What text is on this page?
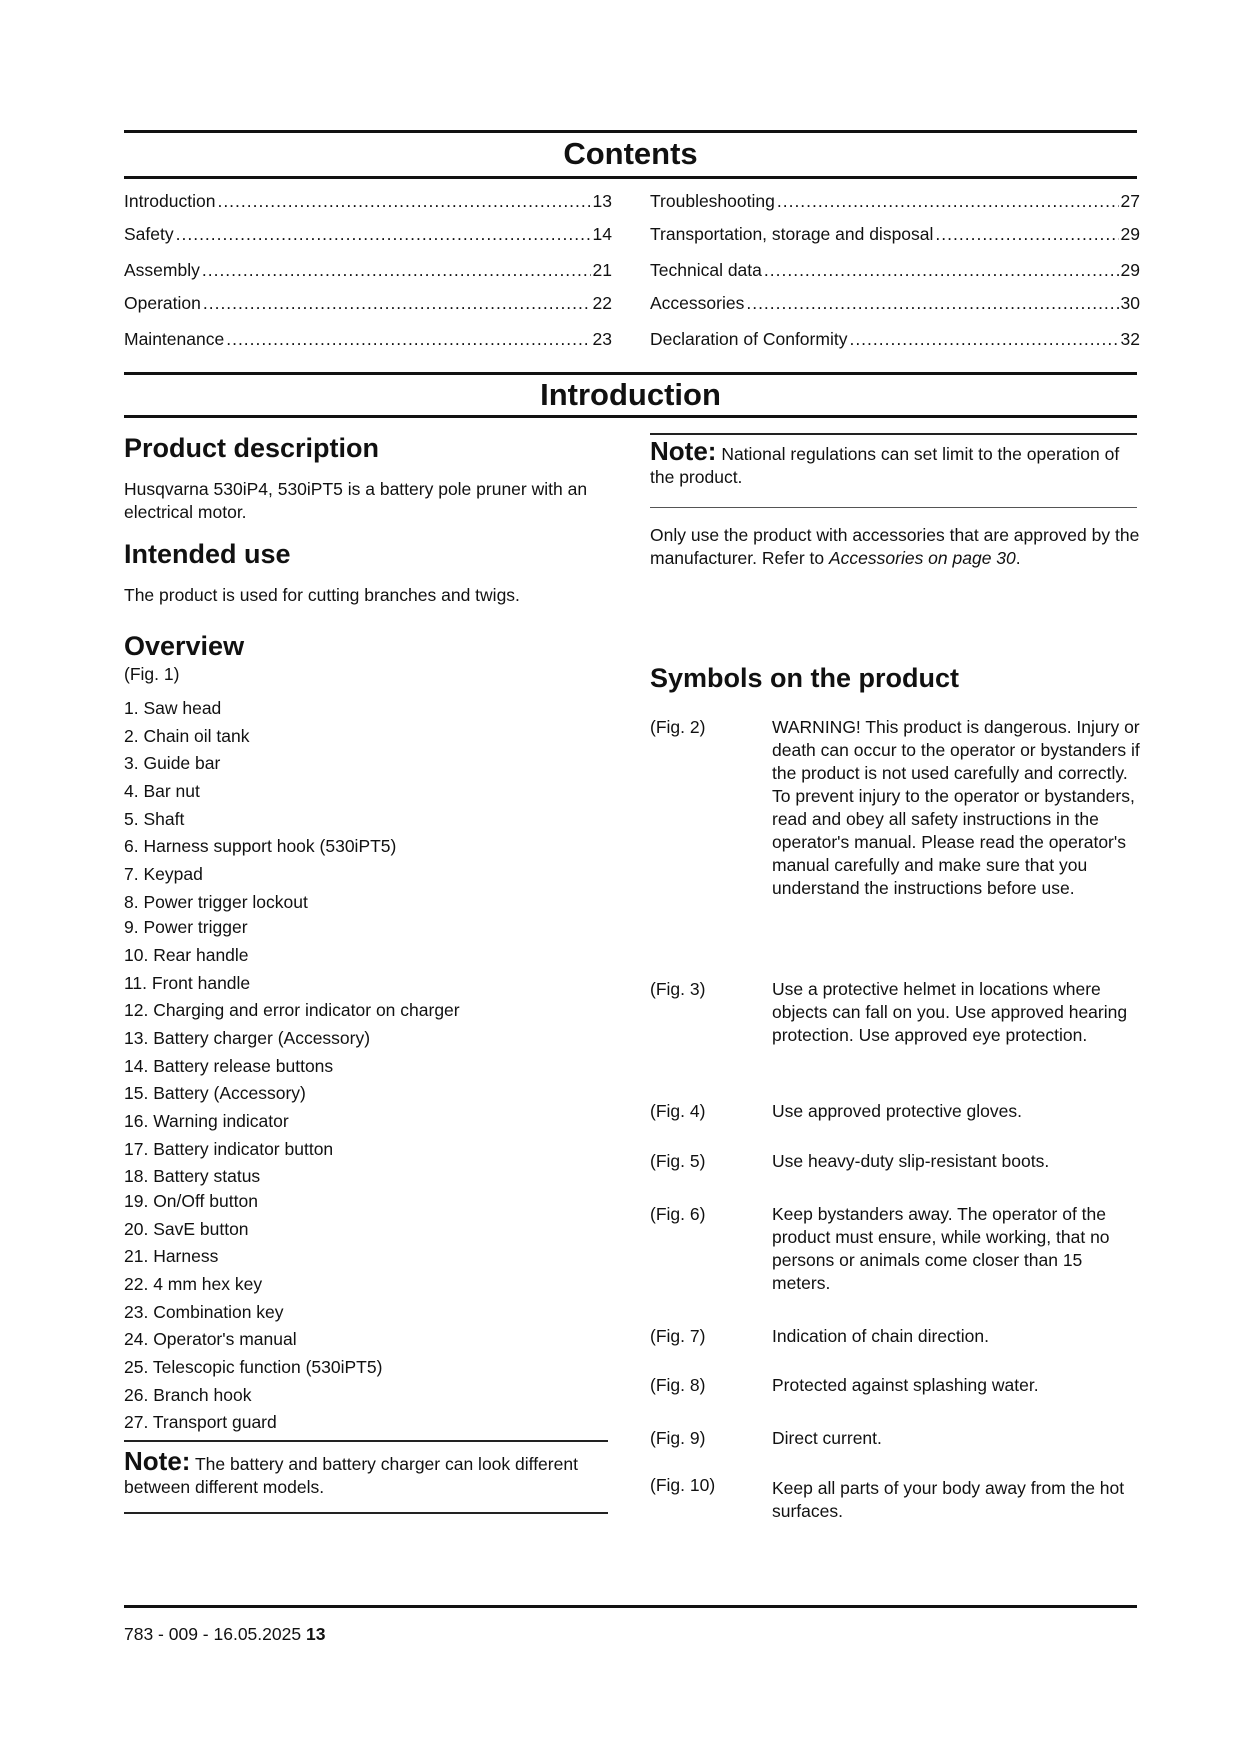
Contents
Introduction .....	13
Safety .....	14
Assembly .....	21
Operation .....	22
Maintenance .....	23
Troubleshooting .....	27
Transportation, storage and disposal .....	29
Technical data .....	29
Accessories .....	30
Declaration of Conformity .....	32
Introduction
Product description
Husqvarna 530iP4, 530iPT5 is a battery pole pruner with an electrical motor.
Intended use
The product is used for cutting branches and twigs.
Overview
(Fig. 1)
1. Saw head
2. Chain oil tank
3. Guide bar
4. Bar nut
5. Shaft
6. Harness support hook (530iPT5)
7. Keypad
8. Power trigger lockout
9. Power trigger
10. Rear handle
11. Front handle
12. Charging and error indicator on charger
13. Battery charger (Accessory)
14. Battery release buttons
15. Battery (Accessory)
16. Warning indicator
17. Battery indicator button
18. Battery status
19. On/Off button
20. SavE button
21. Harness
22. 4 mm hex key
23. Combination key
24. Operator's manual
25. Telescopic function (530iPT5)
26. Branch hook
27. Transport guard
Note: The battery and battery charger can look different between different models.
Note: National regulations can set limit to the operation of the product.
Only use the product with accessories that are approved by the manufacturer. Refer to Accessories on page 30.
Symbols on the product
(Fig. 2)	WARNING! This product is dangerous. Injury or death can occur to the operator or bystanders if the product is not used carefully and correctly. To prevent injury to the operator or bystanders, read and obey all safety instructions in the operator's manual. Please read the operator's manual carefully and make sure that you understand the instructions before use.
(Fig. 3)	Use a protective helmet in locations where objects can fall on you. Use approved hearing protection. Use approved eye protection.
(Fig. 4)	Use approved protective gloves.
(Fig. 5)	Use heavy-duty slip-resistant boots.
(Fig. 6)	Keep bystanders away. The operator of the product must ensure, while working, that no persons or animals come closer than 15 meters.
(Fig. 7)	Indication of chain direction.
(Fig. 8)	Protected against splashing water.
(Fig. 9)	Direct current.
(Fig. 10)	Keep all parts of your body away from the hot surfaces.
783 - 009 - 16.05.2025 13
